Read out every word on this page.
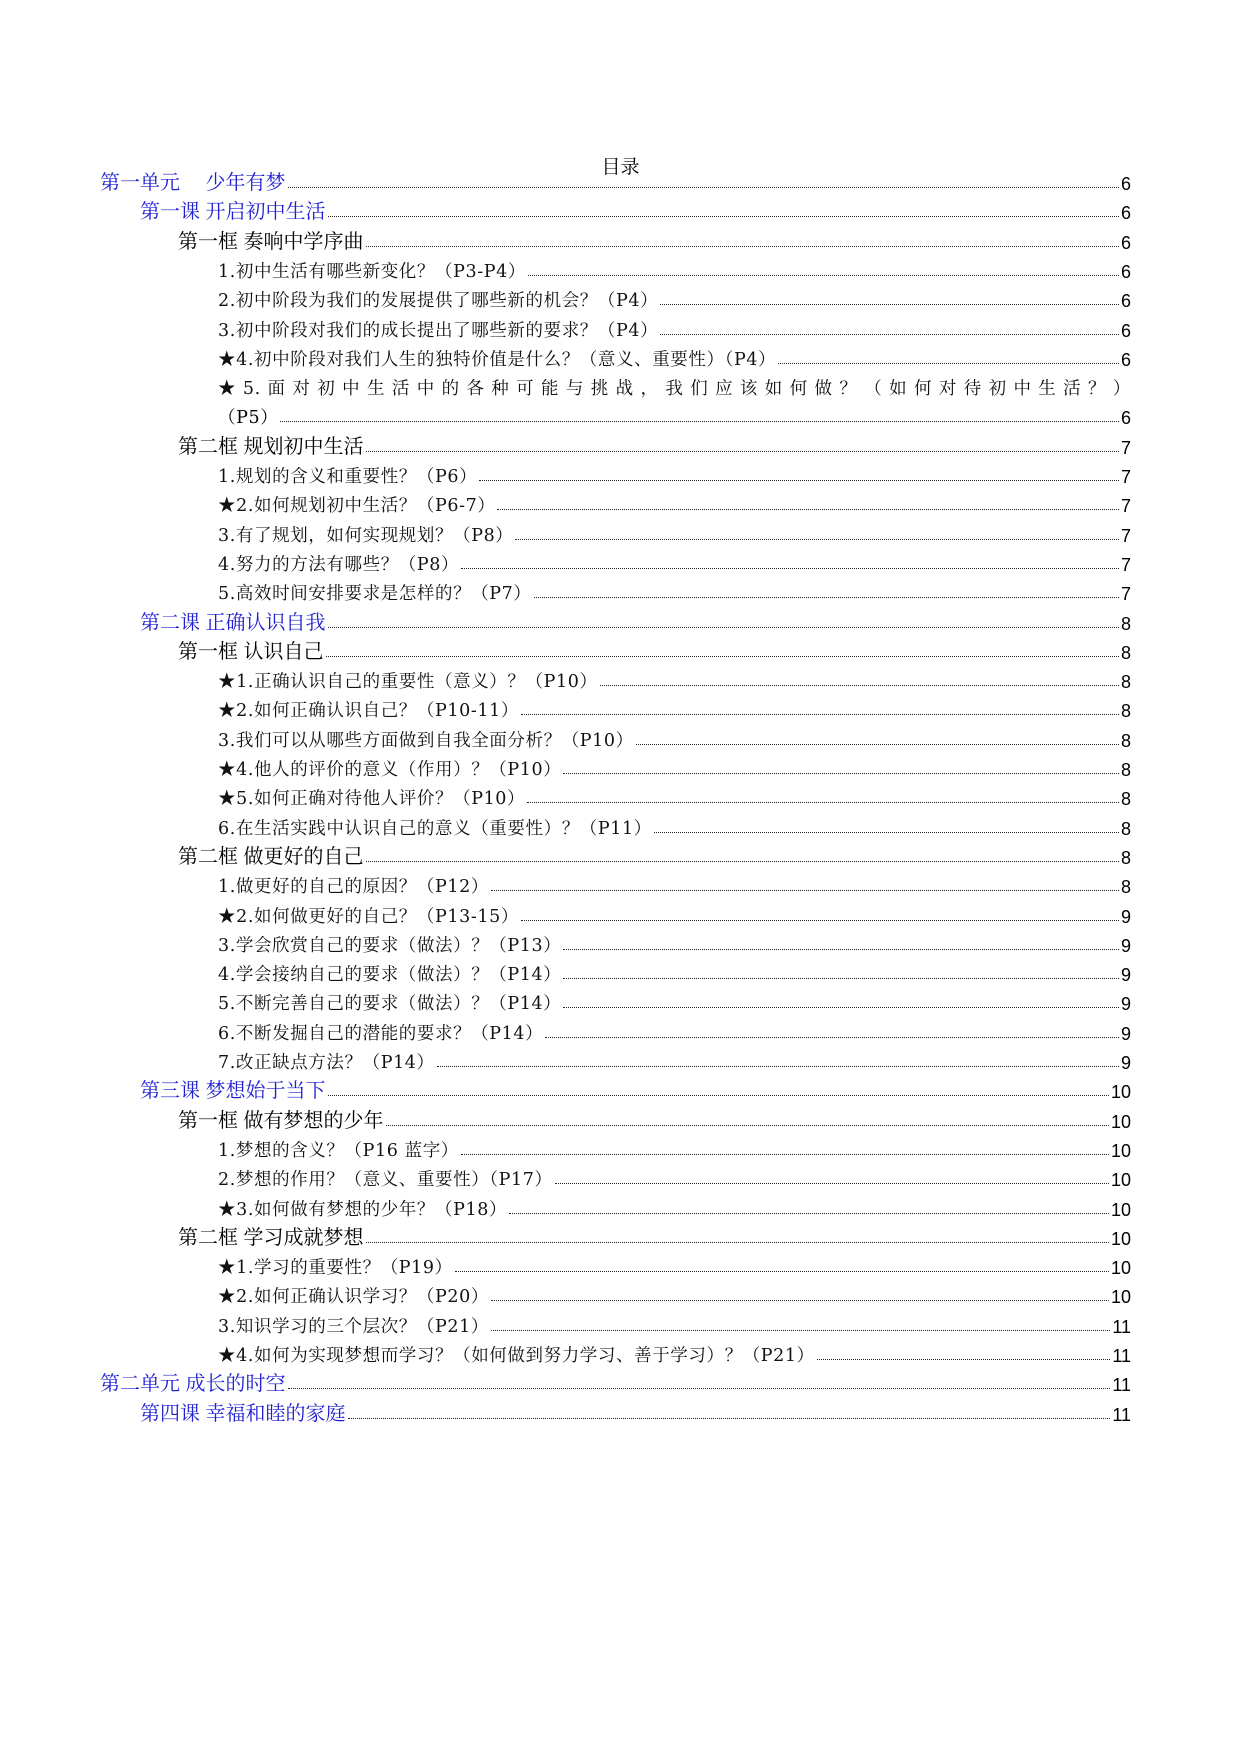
目录
第一单元　 少年有梦	6
第一课 开启初中生活	6
第一框 奏响中学序曲	6
1.初中生活有哪些新变化？（P3-P4）	6
2.初中阶段为我们的发展提供了哪些新的机会？（P4）	6
3.初中阶段对我们的成长提出了哪些新的要求？（P4）	6
★4.初中阶段对我们人生的独特价值是什么？（意义、重要性）（P4）	6
★5.面对初中生活中的各种可能与挑战，我们应该如何做？（如何对待初中生活？）
（P5）	6
第二框 规划初中生活	7
1.规划的含义和重要性？（P6）	7
★2.如何规划初中生活？（P6-7）	7
3.有了规划，如何实现规划？（P8）	7
4.努力的方法有哪些？（P8）	7
5.高效时间安排要求是怎样的？（P7）	7
第二课 正确认识自我	8
第一框 认识自己	8
★1.正确认识自己的重要性（意义）？（P10）	8
★2.如何正确认识自己？（P10-11）	8
3.我们可以从哪些方面做到自我全面分析？（P10）	8
★4.他人的评价的意义（作用）？（P10）	8
★5.如何正确对待他人评价？（P10）	8
6.在生活实践中认识自己的意义（重要性）？（P11）	8
第二框 做更好的自己	8
1.做更好的自己的原因？（P12）	8
★2.如何做更好的自己？（P13-15）	9
3.学会欣赏自己的要求（做法）？（P13）	9
4.学会接纳自己的要求（做法）？（P14）	9
5.不断完善自己的要求（做法）？（P14）	9
6.不断发掘自己的潜能的要求？（P14）	9
7.改正缺点方法？（P14）	9
第三课 梦想始于当下	10
第一框 做有梦想的少年	10
1.梦想的含义？（P16 蓝字）	10
2.梦想的作用？（意义、重要性）（P17）	10
★3.如何做有梦想的少年？（P18）	10
第二框 学习成就梦想	10
★1.学习的重要性？（P19）	10
★2.如何正确认识学习？（P20）	10
3.知识学习的三个层次？（P21）	11
★4.如何为实现梦想而学习？（如何做到努力学习、善于学习）？（P21）	11
第二单元 成长的时空	11
第四课 幸福和睦的家庭	11
